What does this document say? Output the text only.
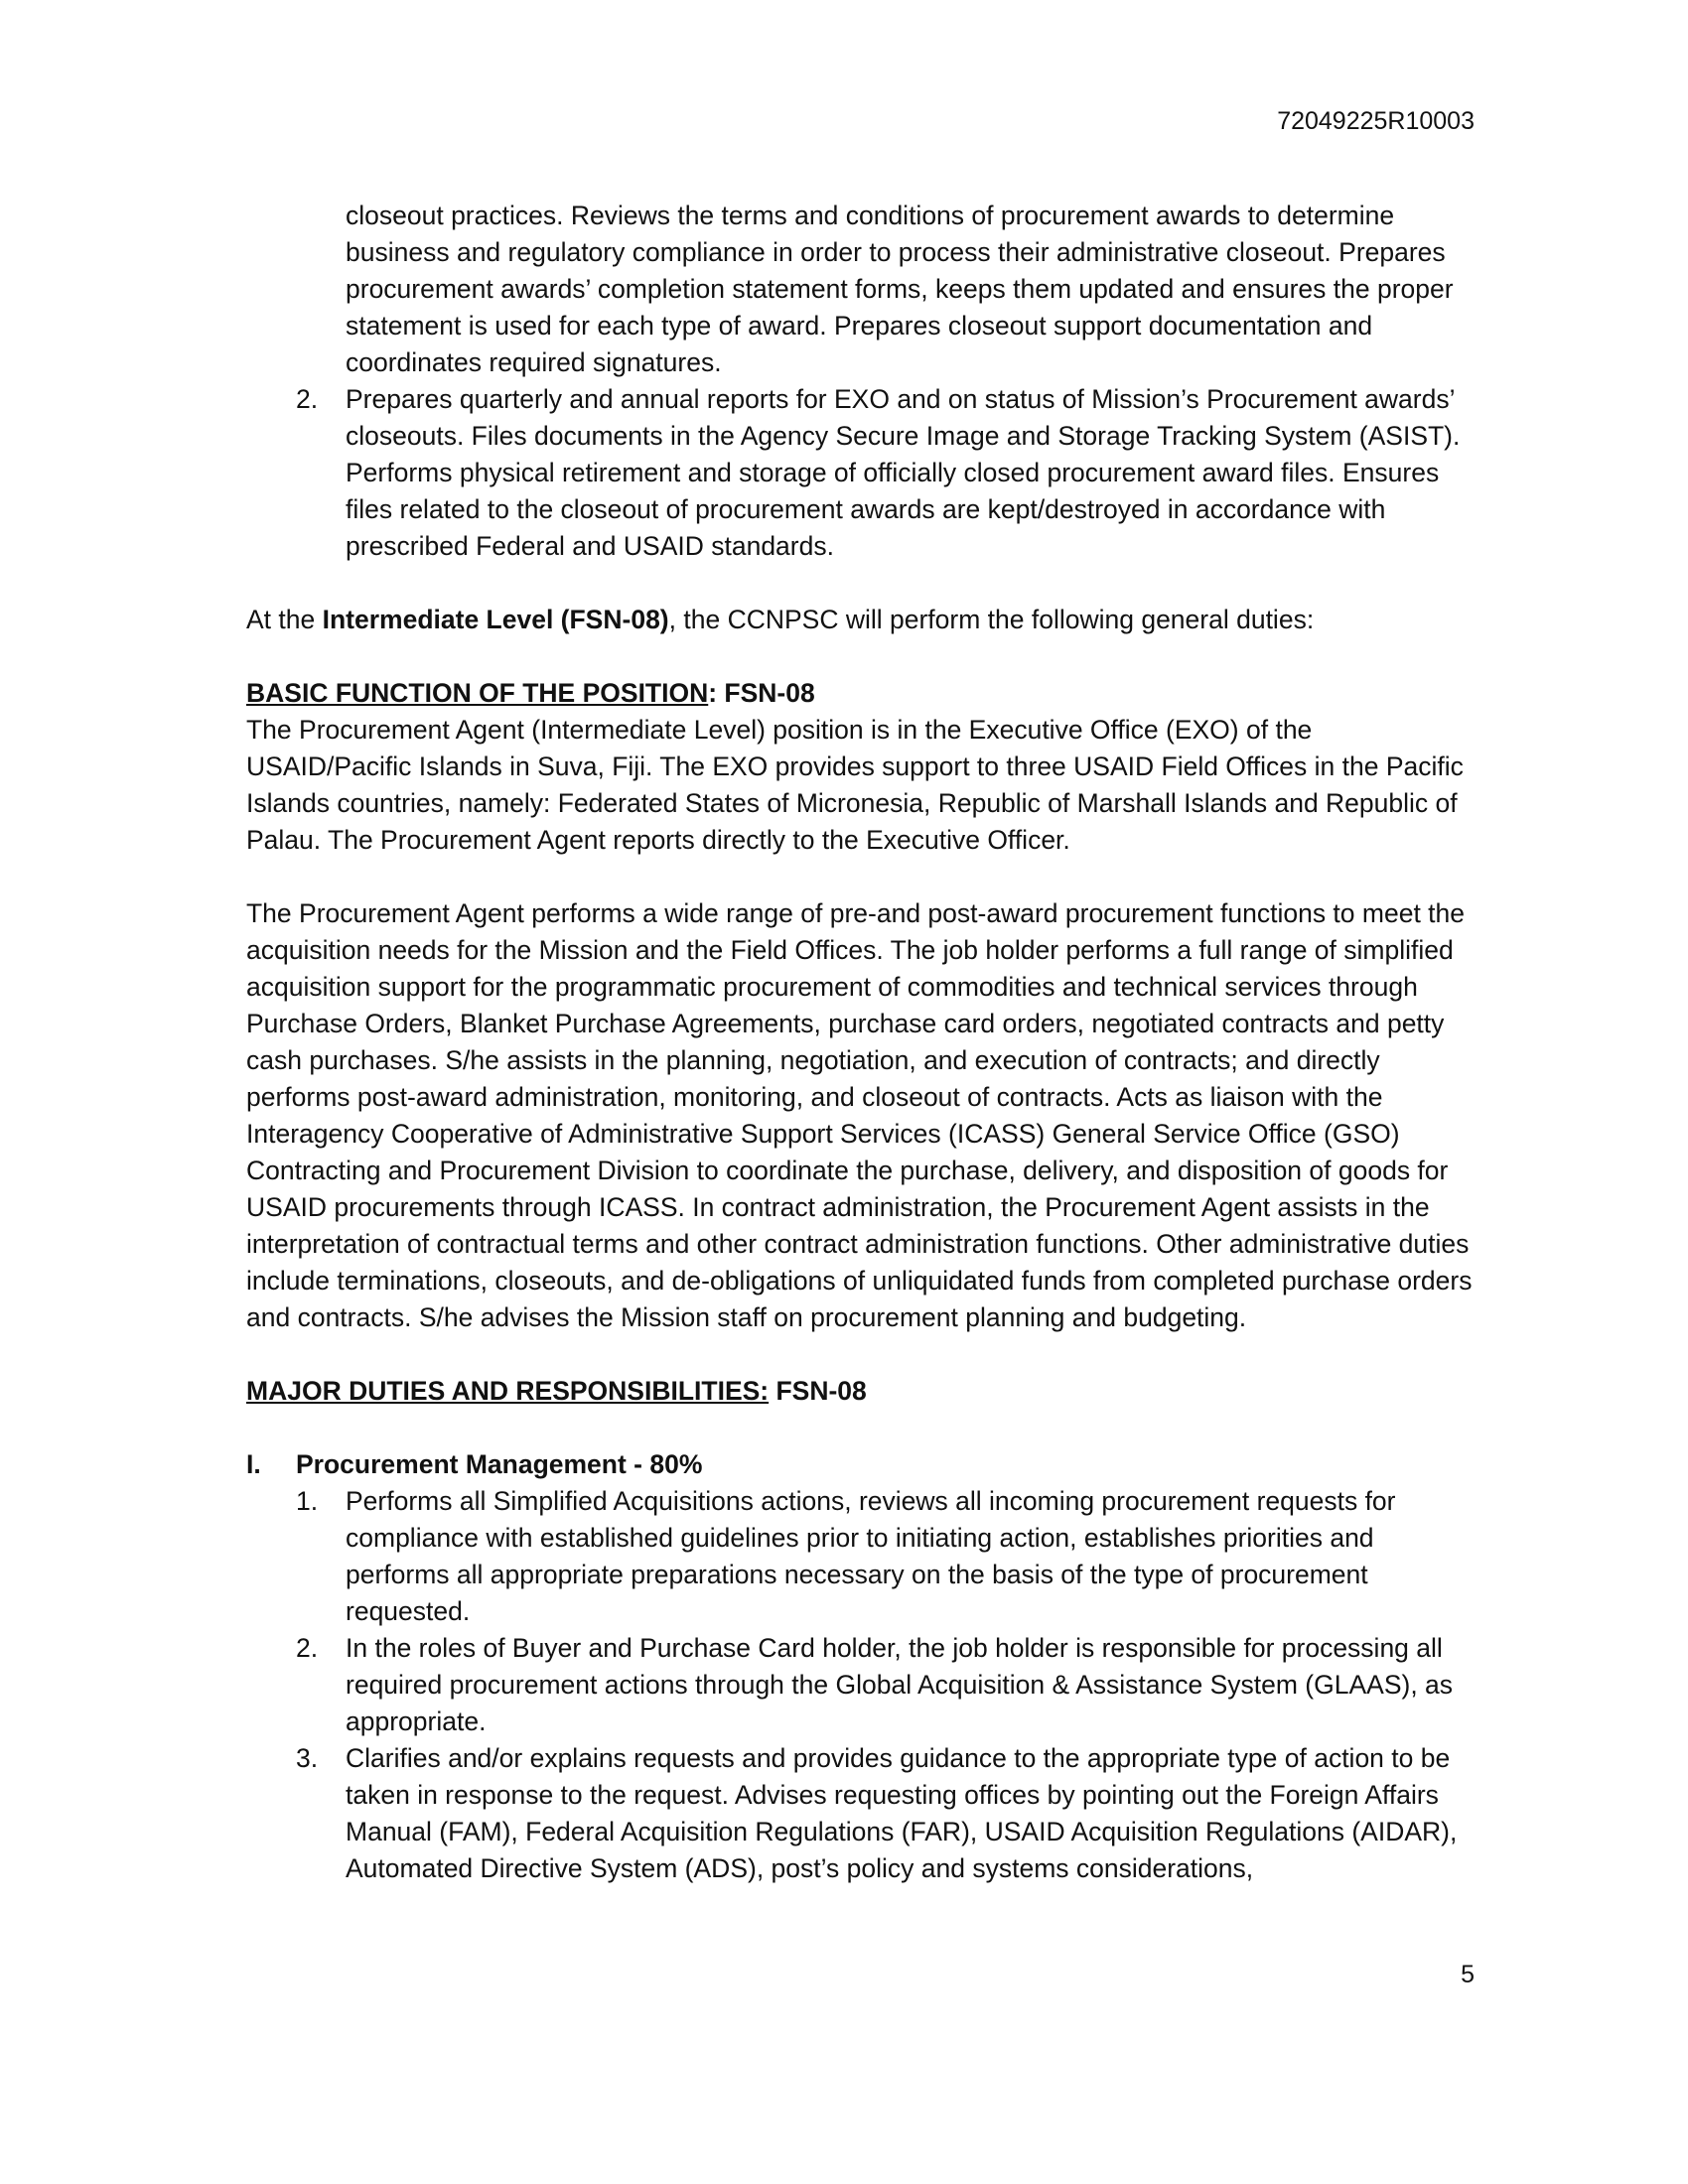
72049225R10003

closeout practices. Reviews the terms and conditions of procurement awards to determine business and regulatory compliance in order to process their administrative closeout. Prepares procurement awards’ completion statement forms, keeps them updated and ensures the proper statement is used for each type of award. Prepares closeout support documentation and coordinates required signatures.

2. Prepares quarterly and annual reports for EXO and on status of Mission’s Procurement awards’ closeouts. Files documents in the Agency Secure Image and Storage Tracking System (ASIST). Performs physical retirement and storage of officially closed procurement award files. Ensures files related to the closeout of procurement awards are kept/destroyed in accordance with prescribed Federal and USAID standards.

At the Intermediate Level (FSN-08), the CCNPSC will perform the following general duties:

BASIC FUNCTION OF THE POSITION: FSN-08

The Procurement Agent (Intermediate Level) position is in the Executive Office (EXO) of the USAID/Pacific Islands in Suva, Fiji. The EXO provides support to three USAID Field Offices in the Pacific Islands countries, namely: Federated States of Micronesia, Republic of Marshall Islands and Republic of Palau. The Procurement Agent reports directly to the Executive Officer.

The Procurement Agent performs a wide range of pre-and post-award procurement functions to meet the acquisition needs for the Mission and the Field Offices. The job holder performs a full range of simplified acquisition support for the programmatic procurement of commodities and technical services through Purchase Orders, Blanket Purchase Agreements, purchase card orders, negotiated contracts and petty cash purchases. S/he assists in the planning, negotiation, and execution of contracts; and directly performs post-award administration, monitoring, and closeout of contracts. Acts as liaison with the Interagency Cooperative of Administrative Support Services (ICASS) General Service Office (GSO) Contracting and Procurement Division to coordinate the purchase, delivery, and disposition of goods for USAID procurements through ICASS. In contract administration, the Procurement Agent assists in the interpretation of contractual terms and other contract administration functions. Other administrative duties include terminations, closeouts, and de-obligations of unliquidated funds from completed purchase orders and contracts. S/he advises the Mission staff on procurement planning and budgeting.

MAJOR DUTIES AND RESPONSIBILITIES: FSN-08

I. Procurement Management - 80%

1. Performs all Simplified Acquisitions actions, reviews all incoming procurement requests for compliance with established guidelines prior to initiating action, establishes priorities and performs all appropriate preparations necessary on the basis of the type of procurement requested.
2. In the roles of Buyer and Purchase Card holder, the job holder is responsible for processing all required procurement actions through the Global Acquisition & Assistance System (GLAAS), as appropriate.
3. Clarifies and/or explains requests and provides guidance to the appropriate type of action to be taken in response to the request. Advises requesting offices by pointing out the Foreign Affairs Manual (FAM), Federal Acquisition Regulations (FAR), USAID Acquisition Regulations (AIDAR), Automated Directive System (ADS), post’s policy and systems considerations,
5
